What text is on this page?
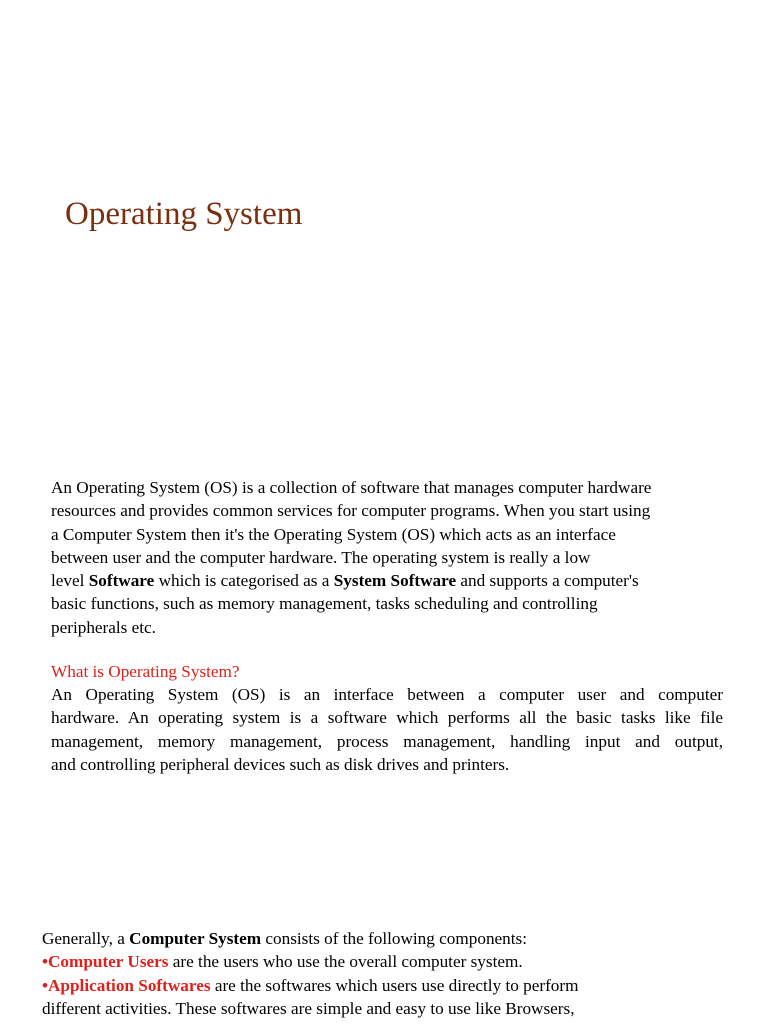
Operating System

An Operating System (OS) is a collection of software that manages computer hardware
resources and provides common services for computer programs. When you start using
a Computer System then it's the Operating System (OS) which acts as an interface
between user and the computer hardware. The operating system is really a low
level Software which is categorised as a System Software and supports a computer's
basic functions, such as memory management, tasks scheduling and controlling
peripherals etc.

What is Operating System?

An Operating System (OS) is an interface between a computer user and computer
hardware. An operating system is a software which performs all the basic tasks like file
management, memory management, process management, handling input and output,
and controlling peripheral devices such as disk drives and printers.

Generally, a Computer System consists of the following components:
•Computer Users are the users who use the overall computer system.
•Application Softwares are the softwares which users use directly to perform
different activities. These softwares are simple and easy to use like Browsers,
